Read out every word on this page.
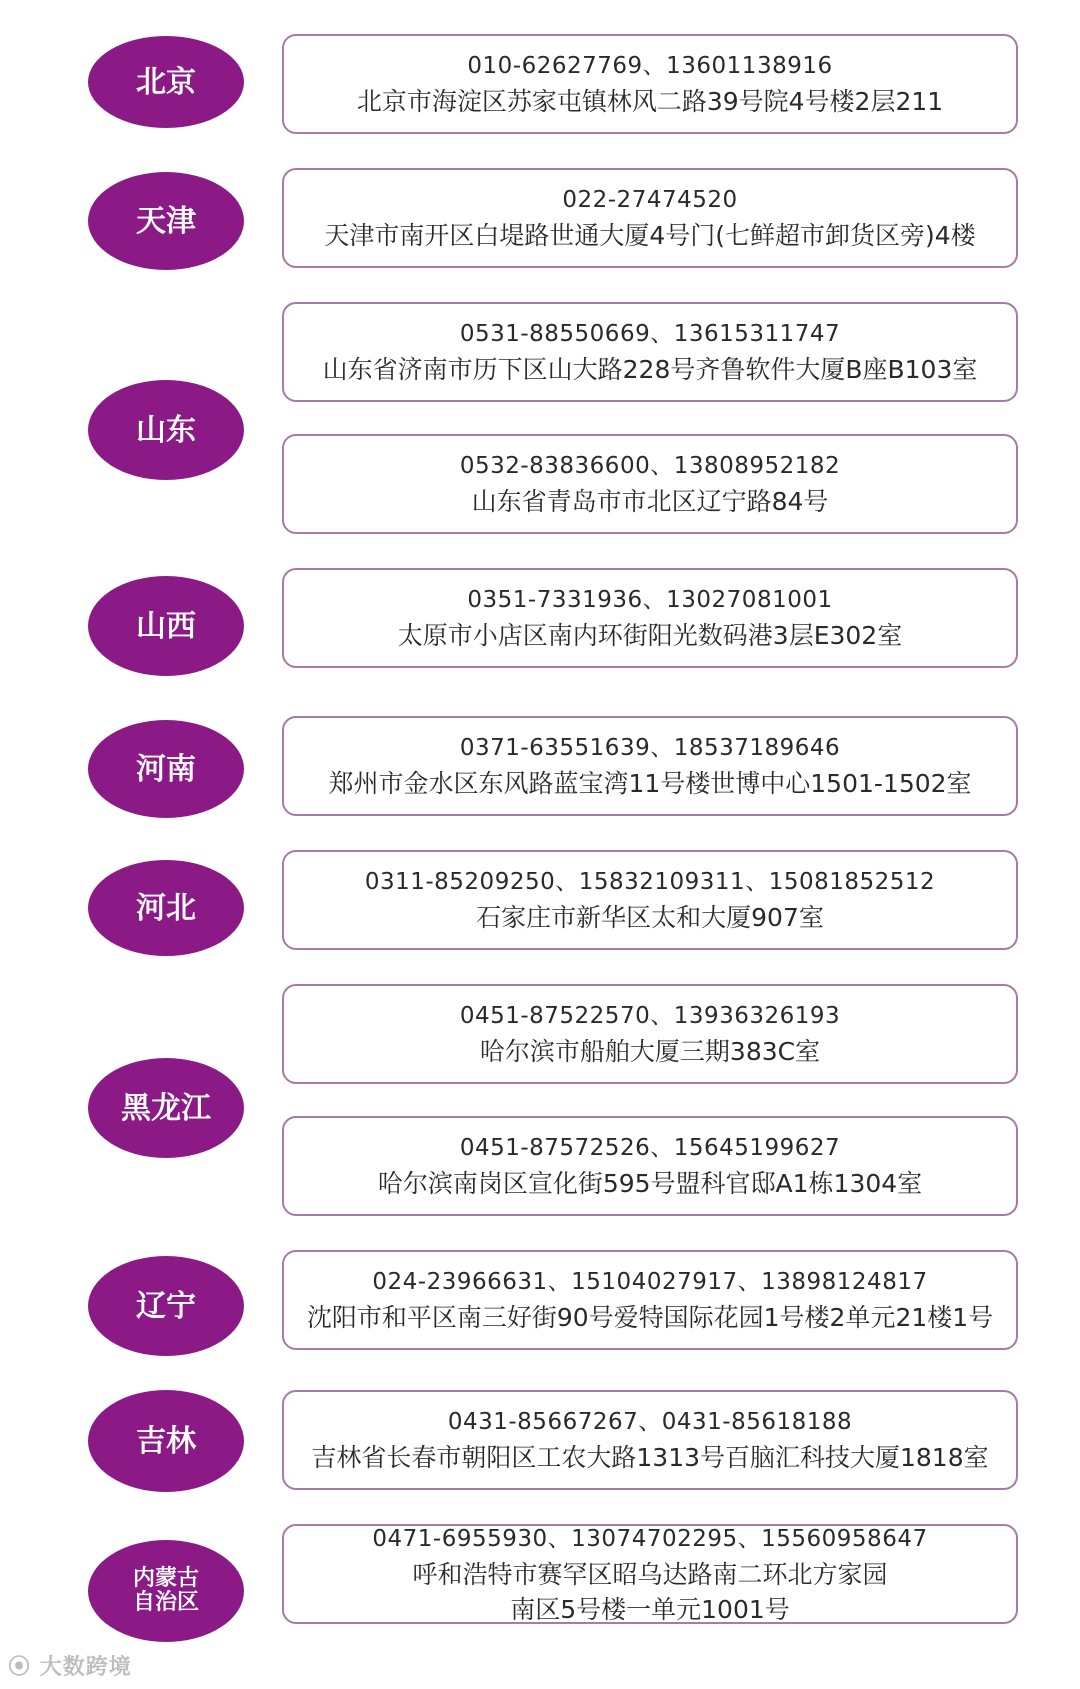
北京
天津
山东
山西
河南
河北
黑龙江
辽宁
吉林
内蒙古
自治区
010-62627769、13601138916
北京市海淀区苏家屯镇林风二路39号院4号楼2层211
022-27474520
天津市南开区白堤路世通大厦4号门(七鲜超市卸货区旁)4楼
0531-88550669、13615311747
山东省济南市历下区山大路228号齐鲁软件大厦B座B103室
0532-83836600、13808952182
山东省青岛市市北区辽宁路84号
0351-7331936、13027081001
太原市小店区南内环街阳光数码港3层E302室
0371-63551639、18537189646
郑州市金水区东风路蓝宝湾11号楼世博中心1501-1502室
0311-85209250、15832109311、15081852512
石家庄市新华区太和大厦907室
0451-87522570、13936326193
哈尔滨市船舶大厦三期383C室
0451-87572526、15645199627
哈尔滨南岗区宣化街595号盟科官邸A1栋1304室
024-23966631、15104027917、13898124817
沈阳市和平区南三好街90号爱特国际花园1号楼2单元21楼1号
0431-85667267、0431-85618188
吉林省长春市朝阳区工农大路1313号百脑汇科技大厦1818室
0471-6955930、13074702295、15560958647
呼和浩特市赛罕区昭乌达路南二环北方家园
南区5号楼一单元1001号
⦿ 大数跨境
